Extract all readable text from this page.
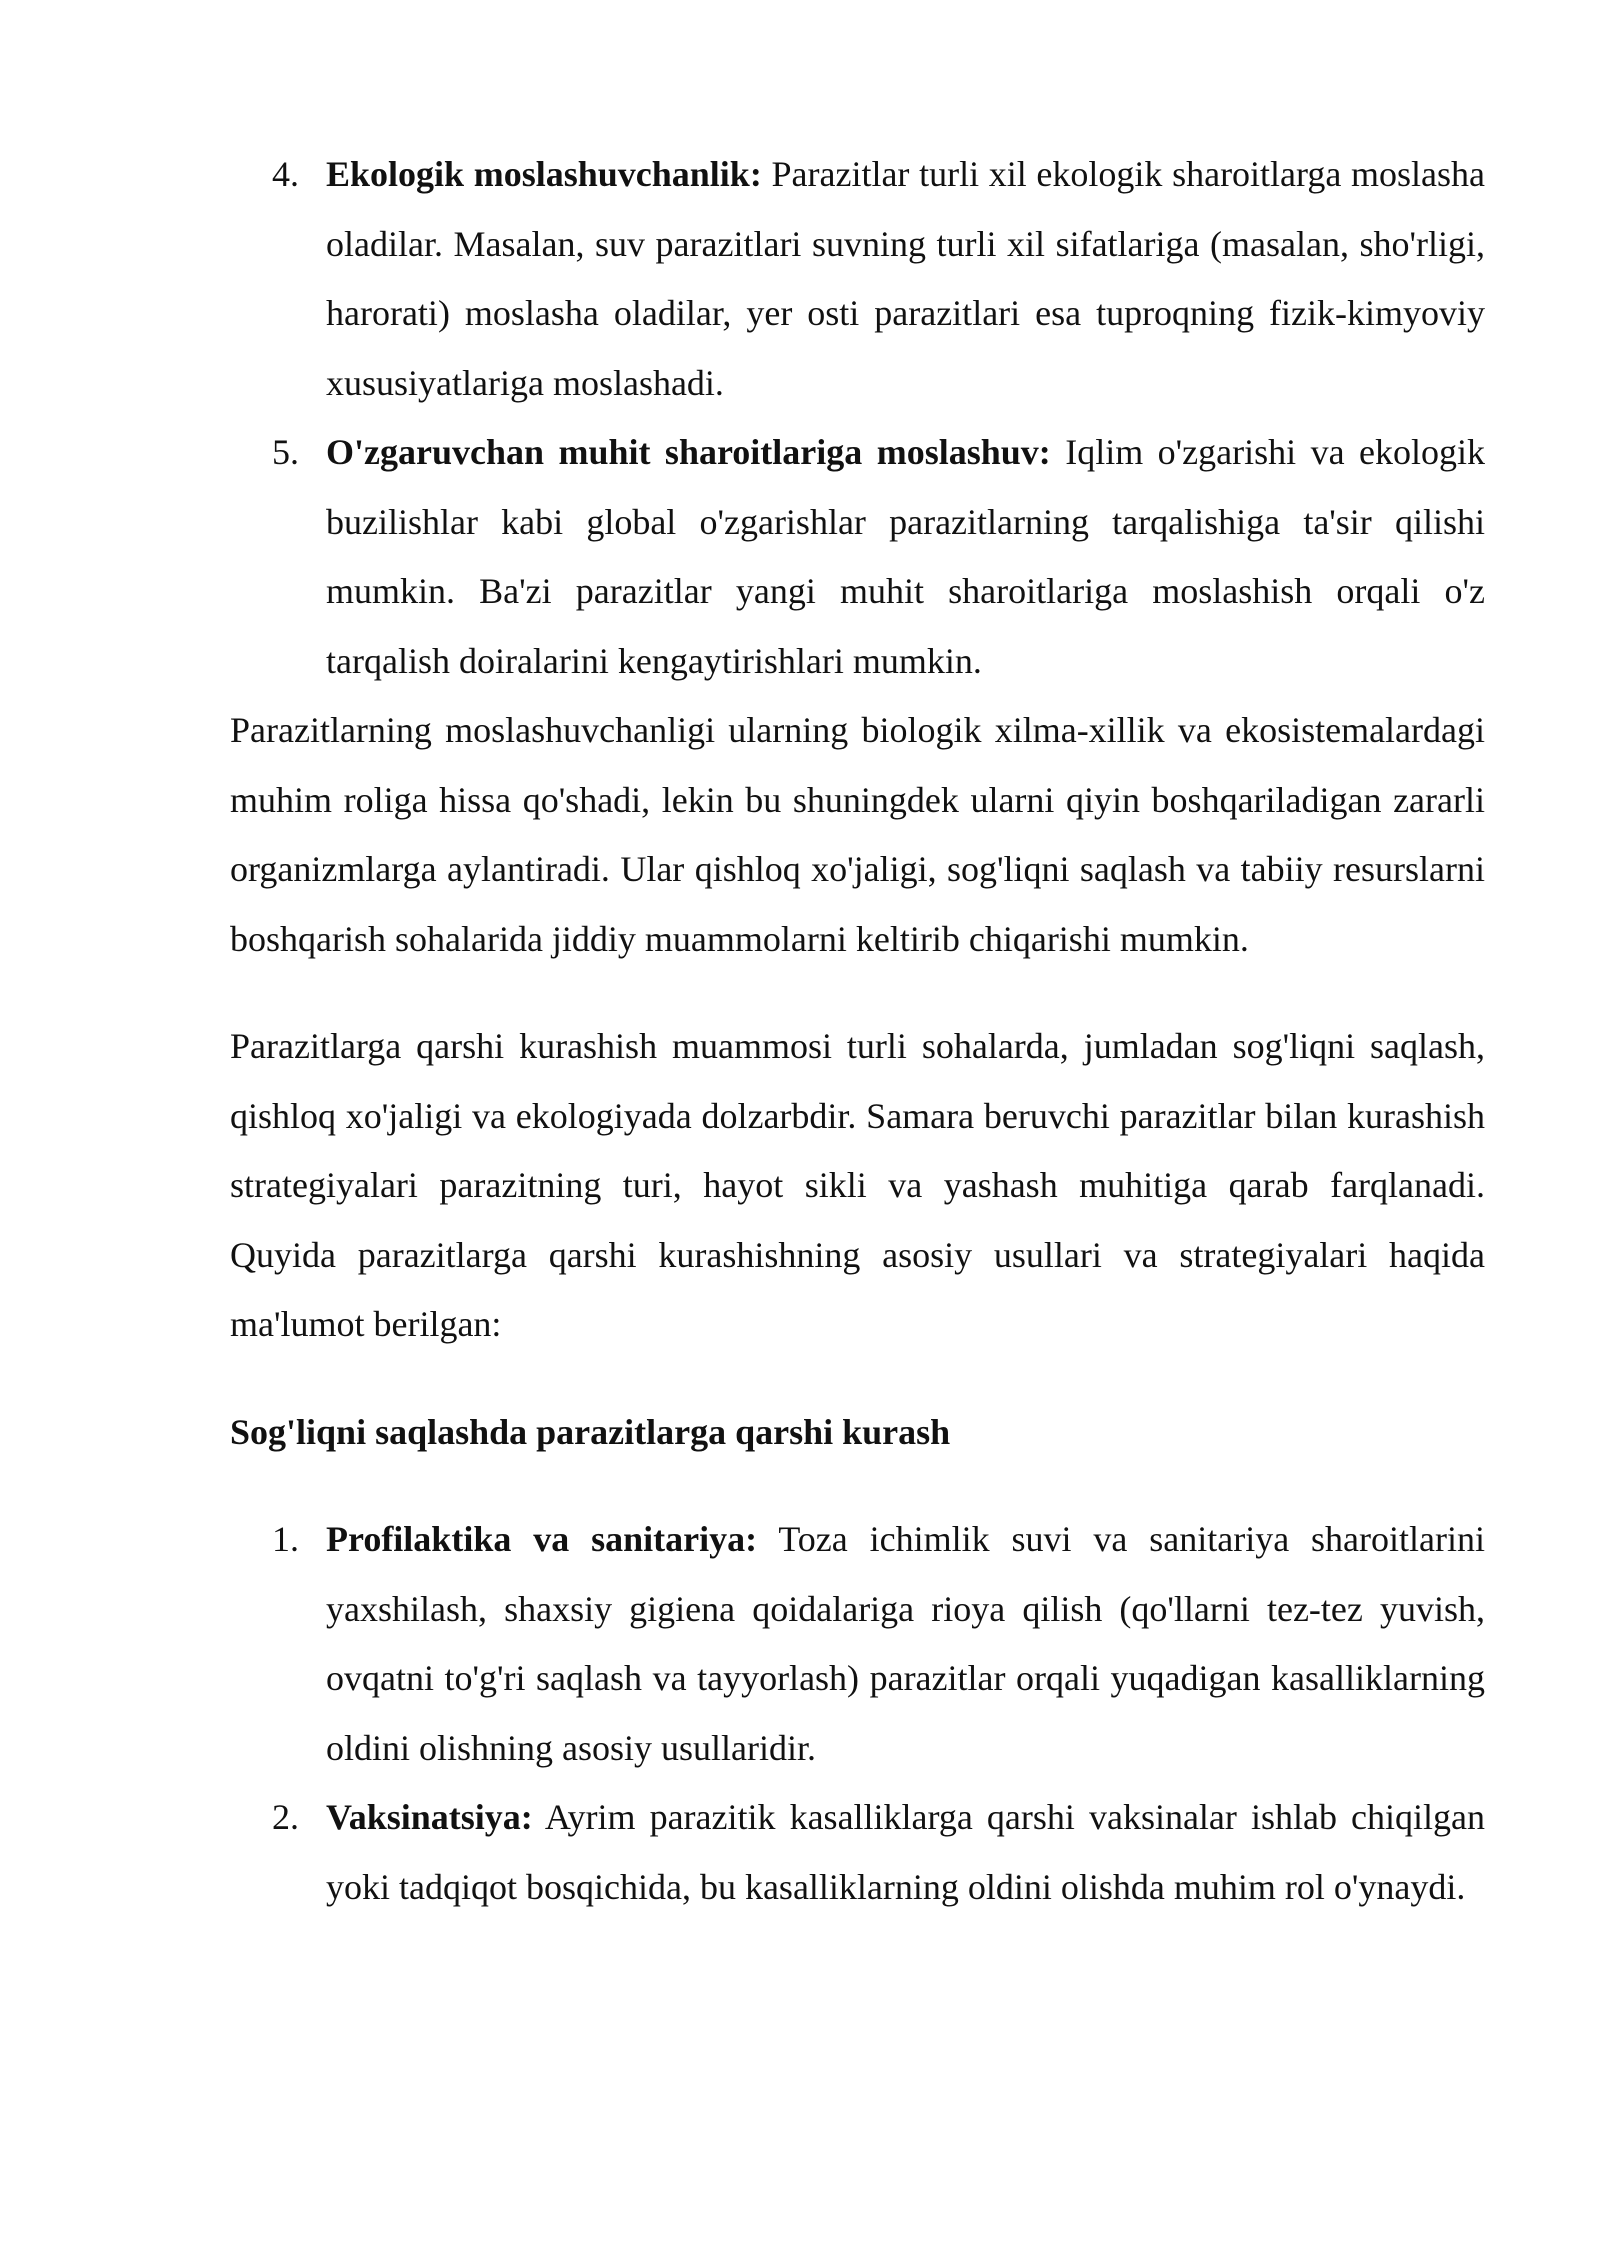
4. Ekologik moslashuvchanlik: Parazitlar turli xil ekologik sharoitlarga moslasha oladilar. Masalan, suv parazitlari suvning turli xil sifatlariga (masalan, sho'rligi, harorati) moslasha oladilar, yer osti parazitlari esa tuproqning fizik-kimyoviy xususiyatlariga moslashadi.
5. O'zgaruvchan muhit sharoitlariga moslashuv: Iqlim o'zgarishi va ekologik buzilishlar kabi global o'zgarishlar parazitlarning tarqalishiga ta'sir qilishi mumkin. Ba'zi parazitlar yangi muhit sharoitlariga moslashish orqali o'z tarqalish doiralarini kengaytirishlari mumkin.

Parazitlarning moslashuvchanligi ularning biologik xilma-xillik va ekosistemalardagi muhim roliga hissa qo'shadi, lekin bu shuningdek ularni qiyin boshqariladigan zararli organizmlarga aylantiradi. Ular qishloq xo'jaligi, sog'liqni saqlash va tabiiy resurslarni boshqarish sohalarida jiddiy muammolarni keltirib chiqarishi mumkin.

Parazitlarga qarshi kurashish muammosi turli sohalarda, jumladan sog'liqni saqlash, qishloq xo'jaligi va ekologiyada dolzarbdir. Samara beruvchi parazitlar bilan kurashish strategiyalari parazitning turi, hayot sikli va yashash muhitiga qarab farqlanadi. Quyida parazitlarga qarshi kurashishning asosiy usullari va strategiyalari haqida ma'lumot berilgan:

Sog'liqni saqlashda parazitlarga qarshi kurash
1. Profilaktika va sanitariya: Toza ichimlik suvi va sanitariya sharoitlarini yaxshilash, shaxsiy gigiena qoidalariga rioya qilish (qo'llarni tez-tez yuvish, ovqatni to'g'ri saqlash va tayyorlash) parazitlar orqali yuqadigan kasalliklarning oldini olishning asosiy usullaridir.
2. Vaksinatsiya: Ayrim parazitik kasalliklarga qarshi vaksinalar ishlab chiqilgan yoki tadqiqot bosqichida, bu kasalliklarning oldini olishda muhim rol o'ynaydi.
